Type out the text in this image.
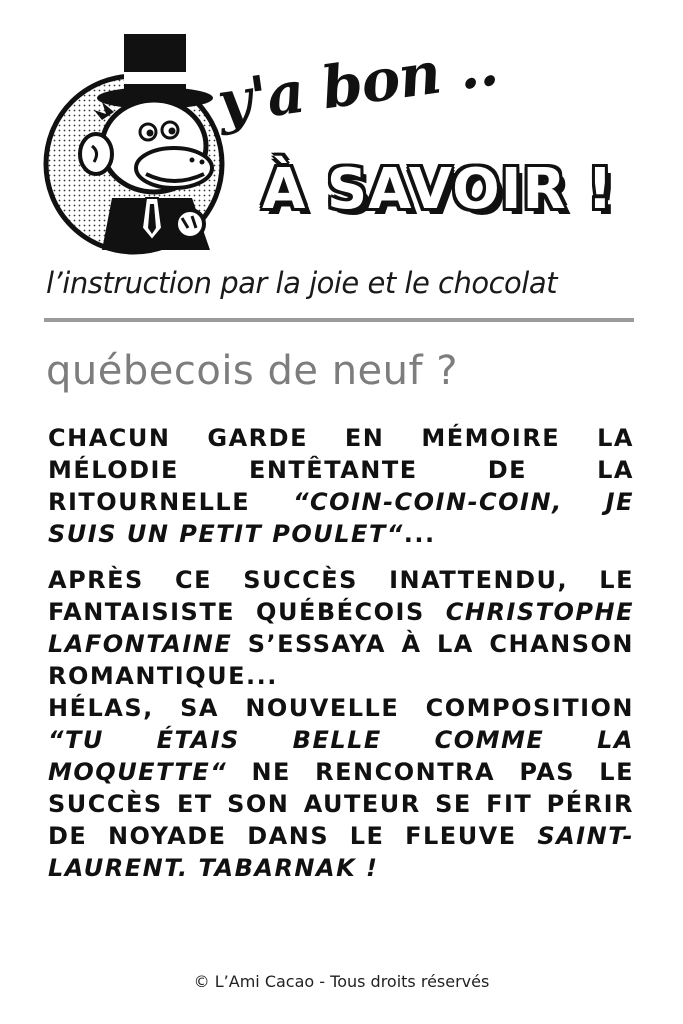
y'a bon ..
À SAVOIR !
l’instruction par la joie et le chocolat
québecois de neuf ?

CHACUN GARDE EN MÉMOIRE LA MÉLODIE ENTÊTANTE DE LA RITOURNELLE “COIN-COIN-COIN, JE SUIS UN PETIT POULET“...

APRÈS CE SUCCÈS INATTENDU, LE FANTAISISTE QUÉBÉCOIS CHRISTOPHE LAFONTAINE S’ESSAYA À LA CHANSON ROMANTIQUE...

HÉLAS, SA NOUVELLE COMPOSITION “TU ÉTAIS BELLE COMME LA MOQUETTE“ NE RENCONTRA PAS LE SUCCÈS ET SON AUTEUR SE FIT PÉRIR DE NOYADE DANS LE FLEUVE SAINT-LAURENT. TABARNAK !

© L’Ami Cacao - Tous droits réservés
